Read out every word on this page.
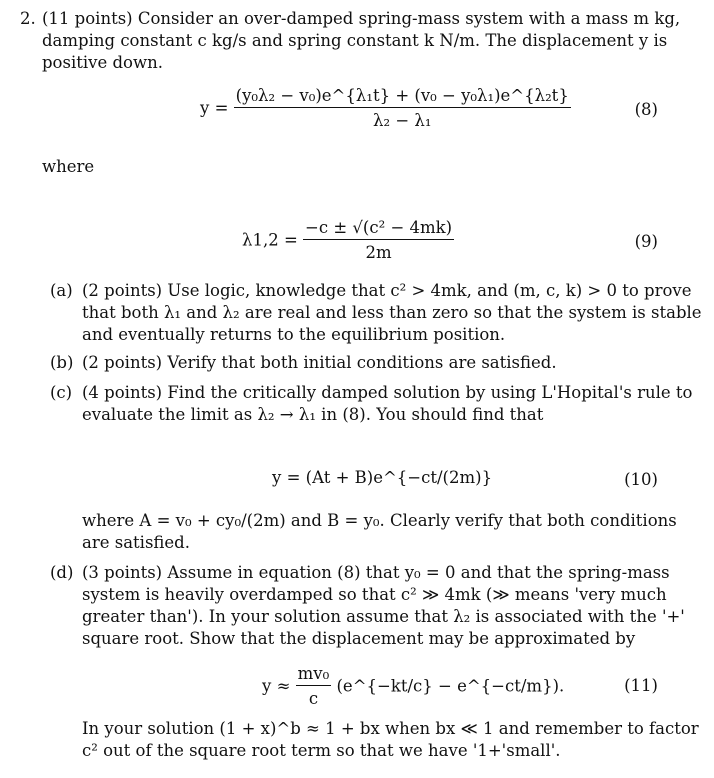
2. (11 points) Consider an over-damped spring-mass system with a mass m kg,
damping constant c kg/s and spring constant k N/m. The displacement y is
positive down.
$y = \frac{\text{(y₀λ₂ − v₀)e\textasciicircum{}\{λ₁t\} + (v₀ − y₀λ₁)e\textasciicircum{}\{λ₂t\}}}{\text{λ₂ − λ₁}}$	(8)
where
$\lambda 1,2 = \frac{\text{−c ± √(c² − 4mk)}}{2m}$	(9)
(a) (2 points) Use logic, knowledge that c² > 4mk, and (m, c, k) > 0 to prove
that both λ₁ and λ₂ are real and less than zero so that the system is stable
and eventually returns to the equilibrium position.
(b) (2 points) Verify that both initial conditions are satisfied.
(c) (4 points) Find the critically damped solution by using L'Hopital's rule to
evaluate the limit as λ₂ → λ₁ in (8). You should find that
y = (At + B)e^{−ct/(2m)}	(10)
where A = v₀ + cy₀/(2m) and B = y₀. Clearly verify that both conditions
are satisfied.
(d) (3 points) Assume in equation (8) that y₀ = 0 and that the spring-mass
system is heavily overdamped so that c² ≫ 4mk (≫ means 'very much
greater than'). In your solution assume that λ₂ is associated with the '+'
square root. Show that the displacement may be approximated by
$y \approx \frac{\text{mv₀}}{c}$ (e^{−kt/c} − e^{−ct/m}).	(11)
In your solution (1 + x)^b ≈ 1 + bx when bx ≪ 1 and remember to factor
c² out of the square root term so that we have '1+'small'.
